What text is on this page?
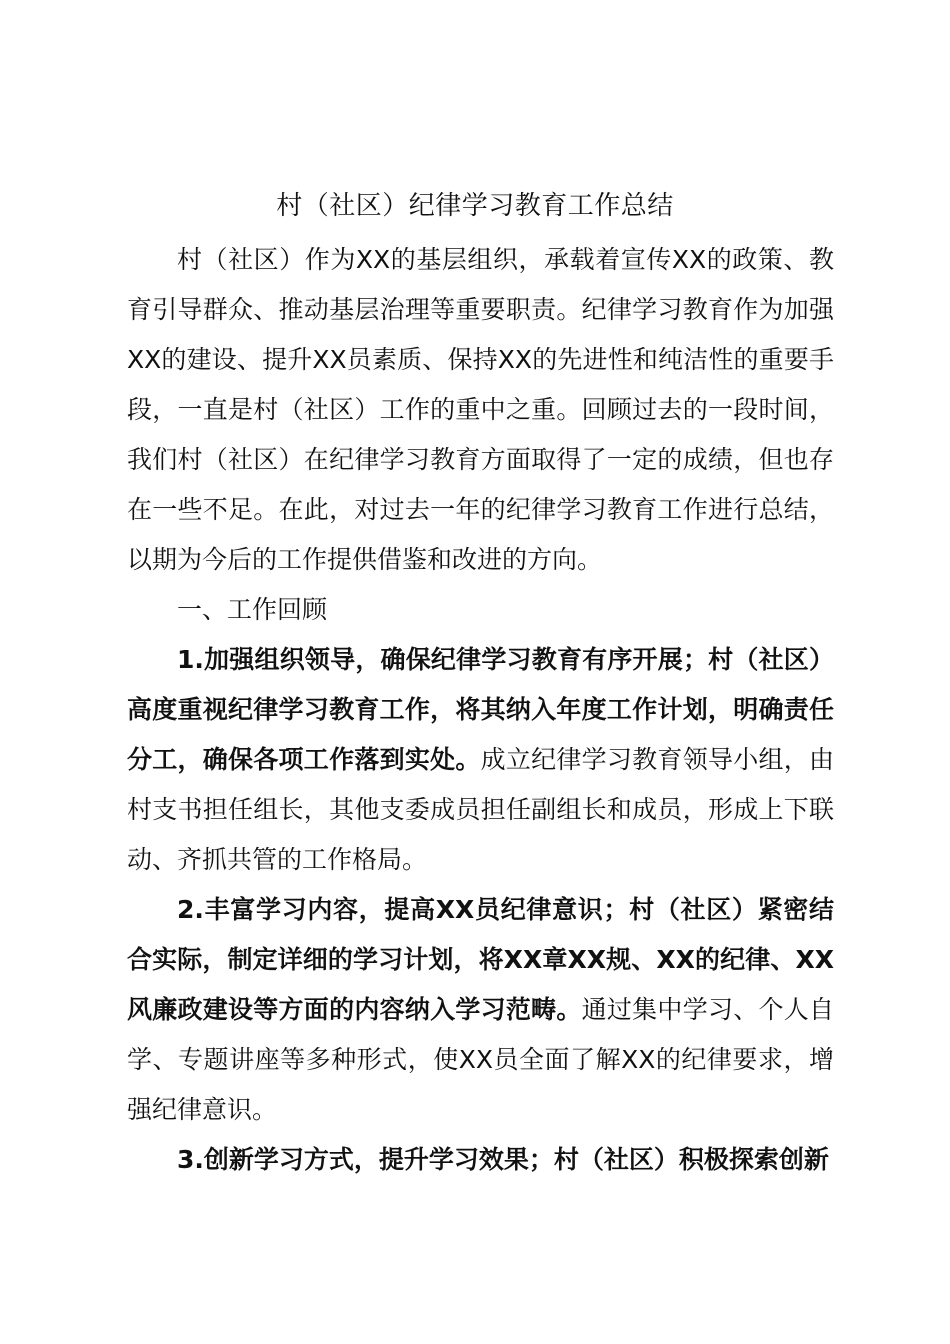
村（社区）纪律学习教育工作总结

村（社区）作为XX的基层组织，承载着宣传XX的政策、教育引导群众、推动基层治理等重要职责。纪律学习教育作为加强XX的建设、提升XX员素质、保持XX的先进性和纯洁性的重要手段，一直是村（社区）工作的重中之重。回顾过去的一段时间，我们村（社区）在纪律学习教育方面取得了一定的成绩，但也存在一些不足。在此，对过去一年的纪律学习教育工作进行总结，以期为今后的工作提供借鉴和改进的方向。

一、工作回顾

1.加强组织领导，确保纪律学习教育有序开展；村（社区）高度重视纪律学习教育工作，将其纳入年度工作计划，明确责任分工，确保各项工作落到实处。成立纪律学习教育领导小组，由村支书担任组长，其他支委成员担任副组长和成员，形成上下联动、齐抓共管的工作格局。

2.丰富学习内容，提高XX员纪律意识；村（社区）紧密结合实际，制定详细的学习计划，将XX章XX规、XX的纪律、XX风廉政建设等方面的内容纳入学习范畴。通过集中学习、个人自学、专题讲座等多种形式，使XX员全面了解XX的纪律要求，增强纪律意识。

3.创新学习方式，提升学习效果；村（社区）积极探索创新
